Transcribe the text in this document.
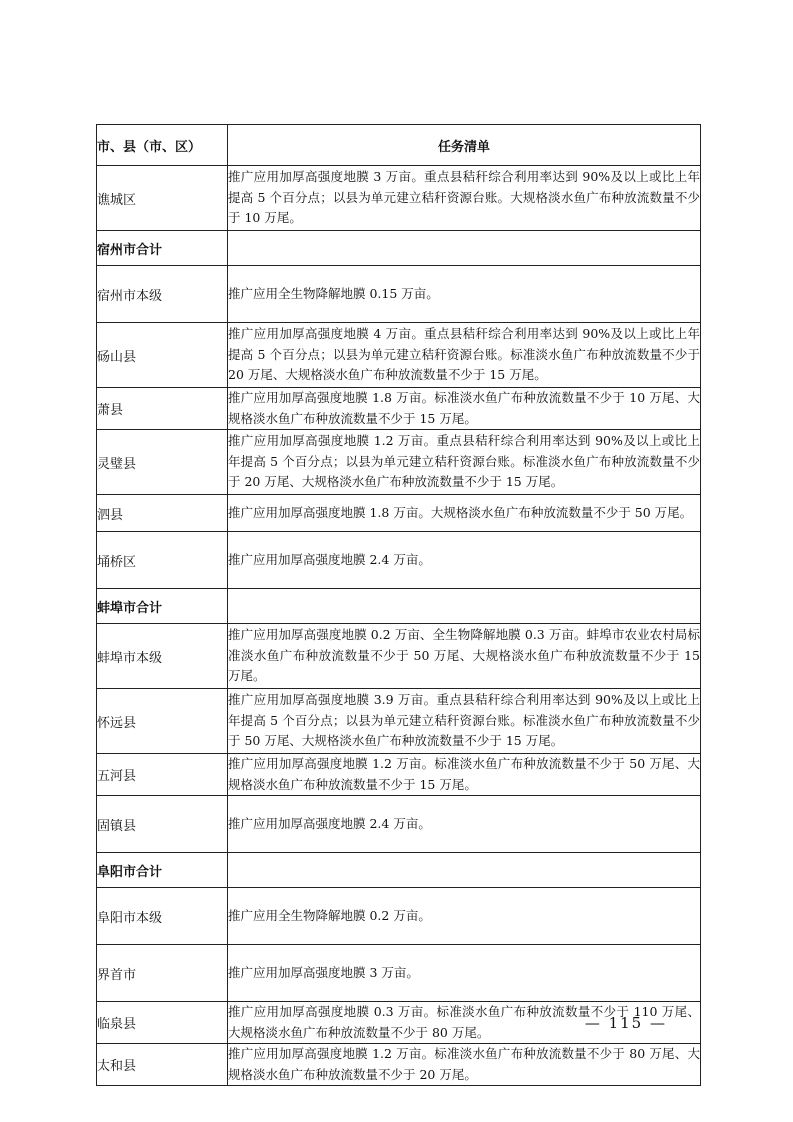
市、县（市、区）	任务清单
谯城区	推广应用加厚高强度地膜 3 万亩。重点县秸秆综合利用率达到 90%及以上或比上年提高 5 个百分点；以县为单元建立秸秆资源台账。大规格淡水鱼广布种放流数量不少于 10 万尾。
宿州市合计	
宿州市本级	推广应用全生物降解地膜 0.15 万亩。
砀山县	推广应用加厚高强度地膜 4 万亩。重点县秸秆综合利用率达到 90%及以上或比上年提高 5 个百分点；以县为单元建立秸秆资源台账。标准淡水鱼广布种放流数量不少于 20 万尾、大规格淡水鱼广布种放流数量不少于 15 万尾。
萧县	推广应用加厚高强度地膜 1.8 万亩。标准淡水鱼广布种放流数量不少于 10 万尾、大规格淡水鱼广布种放流数量不少于 15 万尾。
灵璧县	推广应用加厚高强度地膜 1.2 万亩。重点县秸秆综合利用率达到 90%及以上或比上年提高 5 个百分点；以县为单元建立秸秆资源台账。标准淡水鱼广布种放流数量不少于 20 万尾、大规格淡水鱼广布种放流数量不少于 15 万尾。
泗县	推广应用加厚高强度地膜 1.8 万亩。大规格淡水鱼广布种放流数量不少于 50 万尾。
埇桥区	推广应用加厚高强度地膜 2.4 万亩。
蚌埠市合计	
蚌埠市本级	推广应用加厚高强度地膜 0.2 万亩、全生物降解地膜 0.3 万亩。蚌埠市农业农村局标准淡水鱼广布种放流数量不少于 50 万尾、大规格淡水鱼广布种放流数量不少于 15 万尾。
怀远县	推广应用加厚高强度地膜 3.9 万亩。重点县秸秆综合利用率达到 90%及以上或比上年提高 5 个百分点；以县为单元建立秸秆资源台账。标准淡水鱼广布种放流数量不少于 50 万尾、大规格淡水鱼广布种放流数量不少于 15 万尾。
五河县	推广应用加厚高强度地膜 1.2 万亩。标准淡水鱼广布种放流数量不少于 50 万尾、大规格淡水鱼广布种放流数量不少于 15 万尾。
固镇县	推广应用加厚高强度地膜 2.4 万亩。
阜阳市合计	
阜阳市本级	推广应用全生物降解地膜 0.2 万亩。
界首市	推广应用加厚高强度地膜 3 万亩。
临泉县	推广应用加厚高强度地膜 0.3 万亩。标准淡水鱼广布种放流数量不少于 110 万尾、大规格淡水鱼广布种放流数量不少于 80 万尾。
太和县	推广应用加厚高强度地膜 1.2 万亩。标准淡水鱼广布种放流数量不少于 80 万尾、大规格淡水鱼广布种放流数量不少于 20 万尾。
— 115 —
